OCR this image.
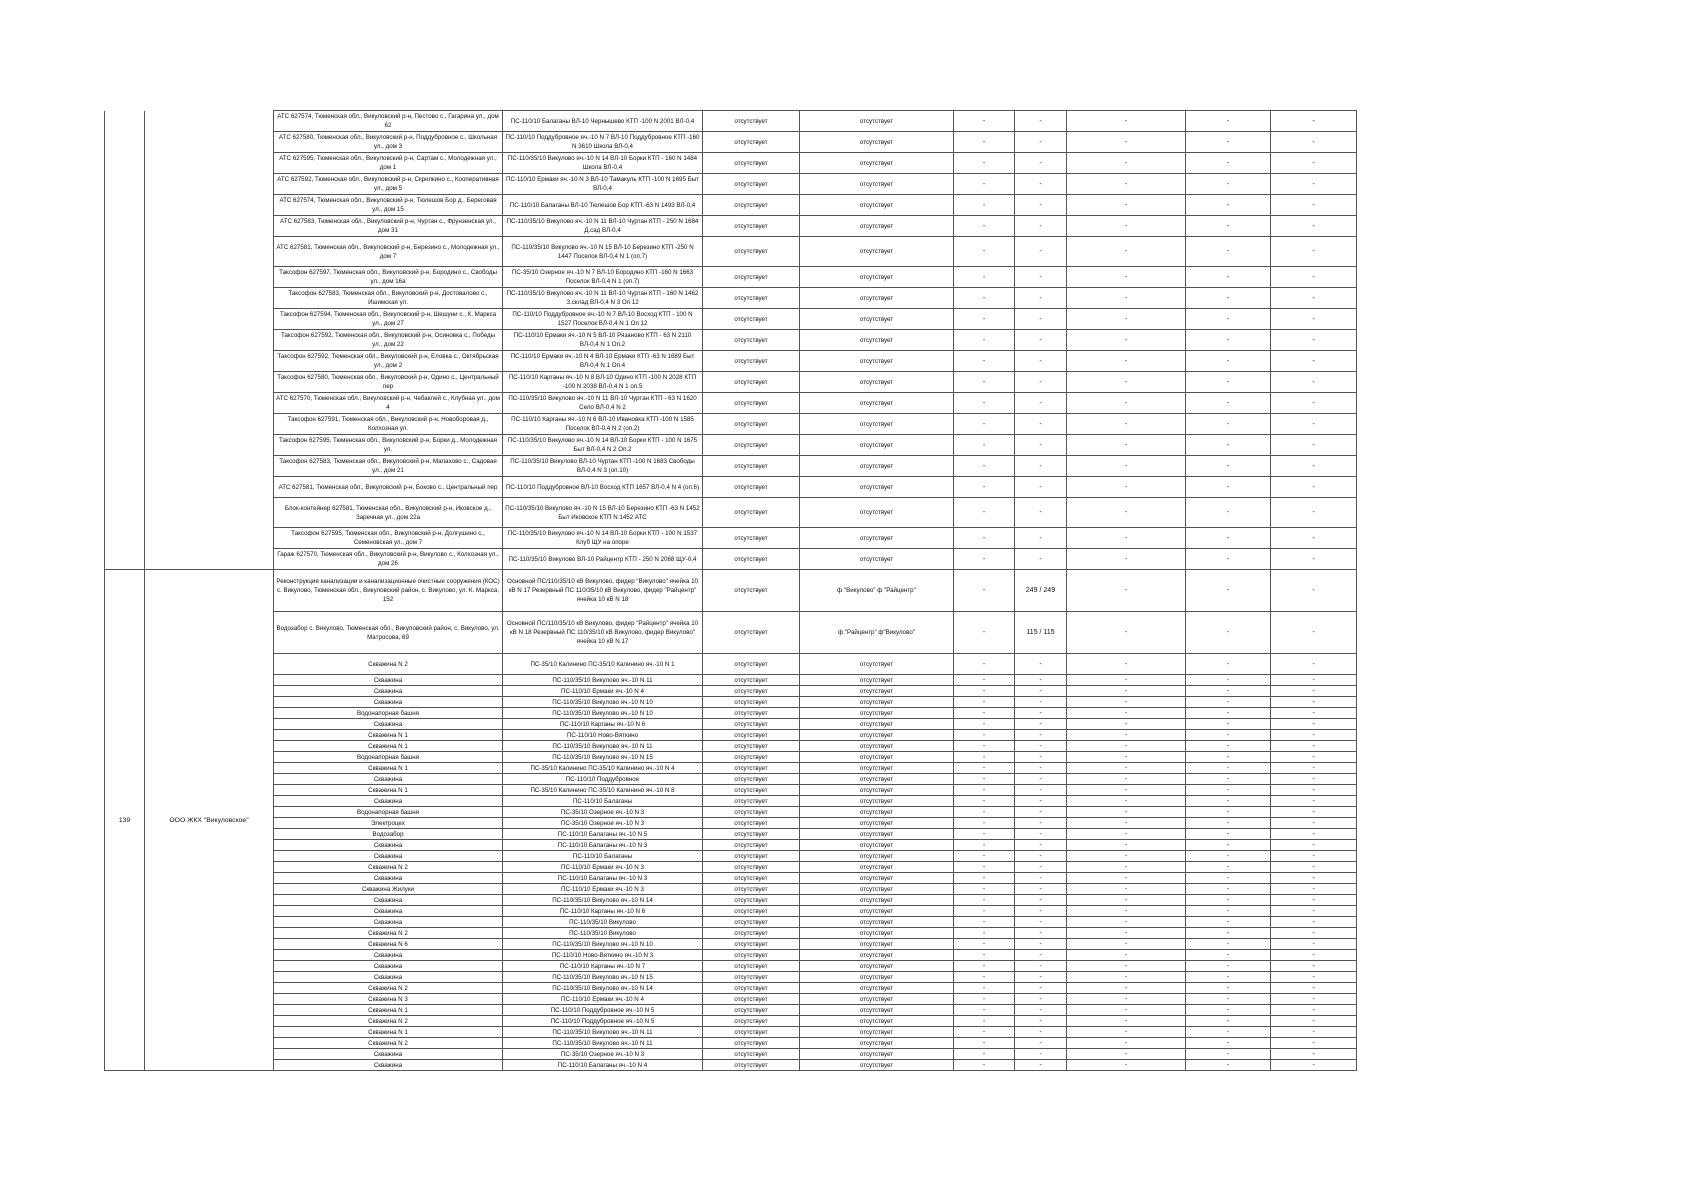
		АТС 627574, Тюменская обл., Викуловский р-н, Пестово с., Гагарина ул., дом 62	ПС-110/10 Балаганы ВЛ-10 Чернышево КТП -100 N 2001 ВЛ-0,4	отсутствует	отсутствует	-	-	-	-	-
		АТС 627580, Тюменская обл., Викуловский р-н, Поддубровное с., Школьная ул., дом 3	ПС-110/10 Поддубровное яч.-10 N 7 ВЛ-10 Поддубровное КТП -160 N 3610 Школа ВЛ-0,4	отсутствует	отсутствует	-	-	-	-	-
		АТС 627595, Тюменская обл., Викуловский р-н, Сартам с., Молодежная ул., дом 1	ПС-110/35/10 Викулово яч.-10 N 14 ВЛ-10 Борки КТП - 160 N 1484 Школа ВЛ-0,4	отсутствует	отсутствует	-	-	-	-	-
		АТС 627592, Тюменская обл., Викуловский р-н, Скрипкино с., Кооперативная ул., дом 5	ПС-110/10 Ермаки яч.-10 N 3 ВЛ-10 Тамакуль КТП -100 N 1695 Быт ВЛ-0,4	отсутствует	отсутствует	-	-	-	-	-
		АТС 627574, Тюменская обл., Викуловский р-н, Тюлешов Бор д., Береговая ул., дом 15	ПС-110/10 Балаганы ВЛ-10 Тюлешов Бор КТП -63 N 1493 ВЛ-0,4	отсутствует	отсутствует	-	-	-	-	-
		АТС 627583, Тюменская обл., Викуловский р-н, Чуртан с., Фрунзенская ул., дом 31	ПС-110/35/10 Викулово яч.-10 N 11 ВЛ-10 Чуртан КТП - 250 N 1684 Д.сад ВЛ-0,4	отсутствует	отсутствует	-	-	-	-	-
		АТС 627581, Тюменская обл., Викуловский р-н, Березино с., Молодежная ул., дом 7	ПС-110/35/10 Викулово яч.-10 N 15 ВЛ-10 Березино КТП -250 N 1447 Поселок ВЛ-0,4 N 1 (оп.7)	отсутствует	отсутствует	-	-	-	-	-
		Таксофон 627597, Тюменская обл., Викуловский р-н, Бородино с., Свободы ул., дом 16а	ПС-35/10 Озерное яч.-10 N 7 ВЛ-10 Бородино КТП -160 N 1663 Поселок ВЛ-0,4 N 1 (оп.7)	отсутствует	отсутствует	-	-	-	-	-
		Таксофон 627583, Тюменская обл., Викуловский р-н, Достовалово с., Ишимская ул.	ПС-110/35/10 Викулово яч.-10 N 11 ВЛ-10 Чуртан КТП - 160 N 1462 З.склад ВЛ-0,4 N 3 Оп 12	отсутствует	отсутствует	-	-	-	-	-
		Таксофон 627594, Тюменская обл., Викуловский р-н, Шешуни с., К. Маркса ул., дом 27	ПС-110/10 Поддубровное яч.-10 N 7 ВЛ-10 Восход КТП - 100 N 1527 Поселок ВЛ-0,4 N 1 Оп 12	отсутствует	отсутствует	-	-	-	-	-
		Таксофон 627592, Тюменская обл., Викуловский р-н, Осиновка с., Победы ул., дом 22	ПС-110/10 Ермаки яч.-10 N 5 ВЛ-10 Рязаново КТП - 63 N 2110 ВЛ-0,4 N 1 Оп.2	отсутствует	отсутствует	-	-	-	-	-
		Таксофон 627592, Тюменская обл., Викуловский р-н, Еловка с., Октябрьская ул., дом 2	ПС-110/10 Ермаки яч.-10 N 4 ВЛ-10 Ермаки КТП -63 N 1689 Быт ВЛ-0,4 N 1 Оп.4	отсутствует	отсутствует	-	-	-	-	-
		Таксофон 627580, Тюменская обл., Викуловский р-н, Одино с., Центральный пер	ПС-110/10 Карганы яч.-10 N 8 ВЛ-10 Одино КТП -100 N 2028 КТП -100 N 2038 ВЛ-0,4 N 1 оп.5	отсутствует	отсутствует	-	-	-	-	-
		АТС 627570, Тюменская обл., Викуловский р-н, Чебаклей с., Клубная ул., дом 4	ПС-110/35/10 Викулово яч.-10 N 11 ВЛ-10 Чуртан КТП - 63 N 1620 Село ВЛ-0,4 N 2	отсутствует	отсутствует	-	-	-	-	-
		Таксофон 627591, Тюменская обл., Викуловский р-н, Новоборовая д., Колхозная ул.	ПС-110/10 Карганы яч.-10 N 6 ВЛ-10 Ивановка КТП -100 N 1585 Поселок ВЛ-0,4 N 2 (оп.2)	отсутствует	отсутствует	-	-	-	-	-
		Таксофон 627595, Тюменская обл., Викуловский р-н, Борки д., Молодежная ул.	ПС-110/35/10 Викулово яч.-10 N 14 ВЛ-10 Борки КТП - 100 N 1675 Быт ВЛ-0,4 N 2 Оп.2	отсутствует	отсутствует	-	-	-	-	-
		Таксофон 627583, Тюменская обл., Викуловский р-н, Малахово с., Садовая ул., дом 21	ПС-110/35/10 Викулово ВЛ-10 Чуртан КТП -100 N 1683 Свободы ВЛ-0,4 N 3 (оп.10)	отсутствует	отсутствует	-	-	-	-	-
		АТС 627581, Тюменская обл., Викуловский р-н, Боково с., Центральный пер	ПС-110/10 Поддубровное ВЛ-10 Восход КТП 1657 ВЛ-0,4 N 4 (оп.6)	отсутствует	отсутствует	-	-	-	-	-
		Блок-контейнер 627581, Тюменская обл., Викуловский р-н, Иковское д., Заречная ул., дом 22а	ПС-110/35/10 Викулово яч.-10 N 15 ВЛ-10 Березино КТП -63 N 1452 Быт Иковское КТП N 1452 АТС	отсутствует	отсутствует	-	-	-	-	-
		Таксофон 627595, Тюменская обл., Викуловский р-н, Долгушино с., Семеновская ул., дом 7	ПС-110/35/10 Викулово яч.-10 N 14 ВЛ-10 Борки КТП - 100 N 1537 Клуб ЩУ на опоре	отсутствует	отсутствует	-	-	-	-	-
		Гараж 627570, Тюменская обл., Викуловский р-н, Викулово с., Колхозная ул., дом 26	ПС-110/35/10 Викулово ВЛ-10 Райцентр КТП - 250 N 2068 ЩУ-0,4	отсутствует	отсутствует	-	-	-	-	-
139	ООО ЖКХ "Викуловское"	Реконструкция канализации и канализационные очистные сооружения (КОС) с. Викулово, Тюменская обл., Викуловский район, с. Викулово, ул. К. Маркса, 152	Основной ПС/110/35/10 кВ Викулово, фидер "Викулово" ячейка 10 кВ N 17 Резервный ПС 110/35/10 кВ Викулово, фидер "Райцентр" ячейка 10 кВ N 18	отсутствует	ф "Викулово" ф "Райцентр"	-	249 / 249	-	-	-
		Водозабор с. Викулово, Тюменская обл., Викуловский район, с. Викулово, ул. Матросова, 69	Основной ПС/110/35/10 кВ Викулово, фидер "Райцентр" ячейка 10 кВ N 18 Резервный ПС 110/35/10 кВ Викулово, фидер Викулово" ячейка 10 кВ N 17	отсутствует	ф "Райцентр" ф"Викулово"	-	115 / 115	-	-	-
		Скважина N 2	ПС-35/10 Калинино ПС-35/10 Калинино яч.-10 N 1	отсутствует	отсутствует	-	-	-	-	-
		Скважина	ПС-110/35/10 Викулово яч.-10 N 11	отсутствует	отсутствует	-	-	-	-	-
		Скважина	ПС-110/10 Ермаки яч.-10 N 4	отсутствует	отсутствует	-	-	-	-	-
		Скважина	ПС-110/35/10 Викулово яч.-10 N 10	отсутствует	отсутствует	-	-	-	-	-
		Водонапорная башня	ПС-110/35/10 Викулово яч.-10 N 10	отсутствует	отсутствует	-	-	-	-	-
		Скважина	ПС-110/10 Карганы яч.-10 N 6	отсутствует	отсутствует	-	-	-	-	-
		Скважина N 1	ПС-110/10 Ново-Вяткино	отсутствует	отсутствует	-	-	-	-	-
		Скважина N 1	ПС-110/35/10 Викулово яч.-10 N 11	отсутствует	отсутствует	-	-	-	-	-
		Водонапорная башня	ПС-110/35/10 Викулово яч.-10 N 15	отсутствует	отсутствует	-	-	-	-	-
		Скважина N 1	ПС-35/10 Калинино ПС-35/10 Калинино яч.-10 N 4	отсутствует	отсутствует	-	-	-	-	-
		Скважина	ПС-110/10 Поддубровное	отсутствует	отсутствует	-	-	-	-	-
		Скважина N 1	ПС-35/10 Калинино ПС-35/10 Калинино яч.-10 N 8	отсутствует	отсутствует	-	-	-	-	-
		Скважина	ПС-110/10 Балаганы	отсутствует	отсутствует	-	-	-	-	-
		Водонапорная башня	ПС-35/10 Озерное яч.-10 N 3	отсутствует	отсутствует	-	-	-	-	-
		Электроцех	ПС-35/10 Озерное яч.-10 N 3	отсутствует	отсутствует	-	-	-	-	-
		Водозабор	ПС-110/10 Балаганы яч.-10 N 5	отсутствует	отсутствует	-	-	-	-	-
		Скважина	ПС-110/10 Балаганы яч.-10 N 3	отсутствует	отсутствует	-	-	-	-	-
		Скважина	ПС-110/10 Балаганы	отсутствует	отсутствует	-	-	-	-	-
		Скважина N 2	ПС-110/10 Ермаки яч.-10 N 3	отсутствует	отсутствует	-	-	-	-	-
		Скважина	ПС-110/10 Балаганы яч.-10 N 3	отсутствует	отсутствует	-	-	-	-	-
		Скважина Жилуки	ПС-110/10 Ермаки яч.-10 N 3	отсутствует	отсутствует	-	-	-	-	-
		Скважина	ПС-110/35/10 Викулово яч.-10 N 14	отсутствует	отсутствует	-	-	-	-	-
		Скважина	ПС-110/10 Карганы яч.-10 N 6	отсутствует	отсутствует	-	-	-	-	-
		Скважина	ПС-110/35/10 Викулово	отсутствует	отсутствует	-	-	-	-	-
		Скважина N 2	ПС-110/35/10 Викулово	отсутствует	отсутствует	-	-	-	-	-
		Скважина N 6	ПС-110/35/10 Викулово яч.-10 N 10	отсутствует	отсутствует	-	-	-	-	-
		Скважина	ПС-110/10 Ново-Вяткино яч.-10 N 3	отсутствует	отсутствует	-	-	-	-	-
		Скважина	ПС-110/10 Карганы яч.-10 N 7	отсутствует	отсутствует	-	-	-	-	-
		Скважина	ПС-110/35/10 Викулово яч.-10 N 15	отсутствует	отсутствует	-	-	-	-	-
		Скважина N 2	ПС-110/35/10 Викулово яч.-10 N 14	отсутствует	отсутствует	-	-	-	-	-
		Скважина N 3	ПС-110/10 Ермаки яч.-10 N 4	отсутствует	отсутствует	-	-	-	-	-
		Скважина N 1	ПС-110/10 Поддубровное яч.-10 N 5	отсутствует	отсутствует	-	-	-	-	-
		Скважина N 2	ПС-110/10 Поддубровное яч.-10 N 5	отсутствует	отсутствует	-	-	-	-	-
		Скважина N 1	ПС-110/35/10 Викулово яч.-10 N 11	отсутствует	отсутствует	-	-	-	-	-
		Скважина N 2	ПС-110/35/10 Викулово яч.-10 N 11	отсутствует	отсутствует	-	-	-	-	-
		Скважина	ПС-35/10 Озерное яч.-10 N 3	отсутствует	отсутствует	-	-	-	-	-
		Скважина	ПС-110/10 Балаганы яч.-10 N 4	отсутствует	отсутствует	-	-	-	-	-
